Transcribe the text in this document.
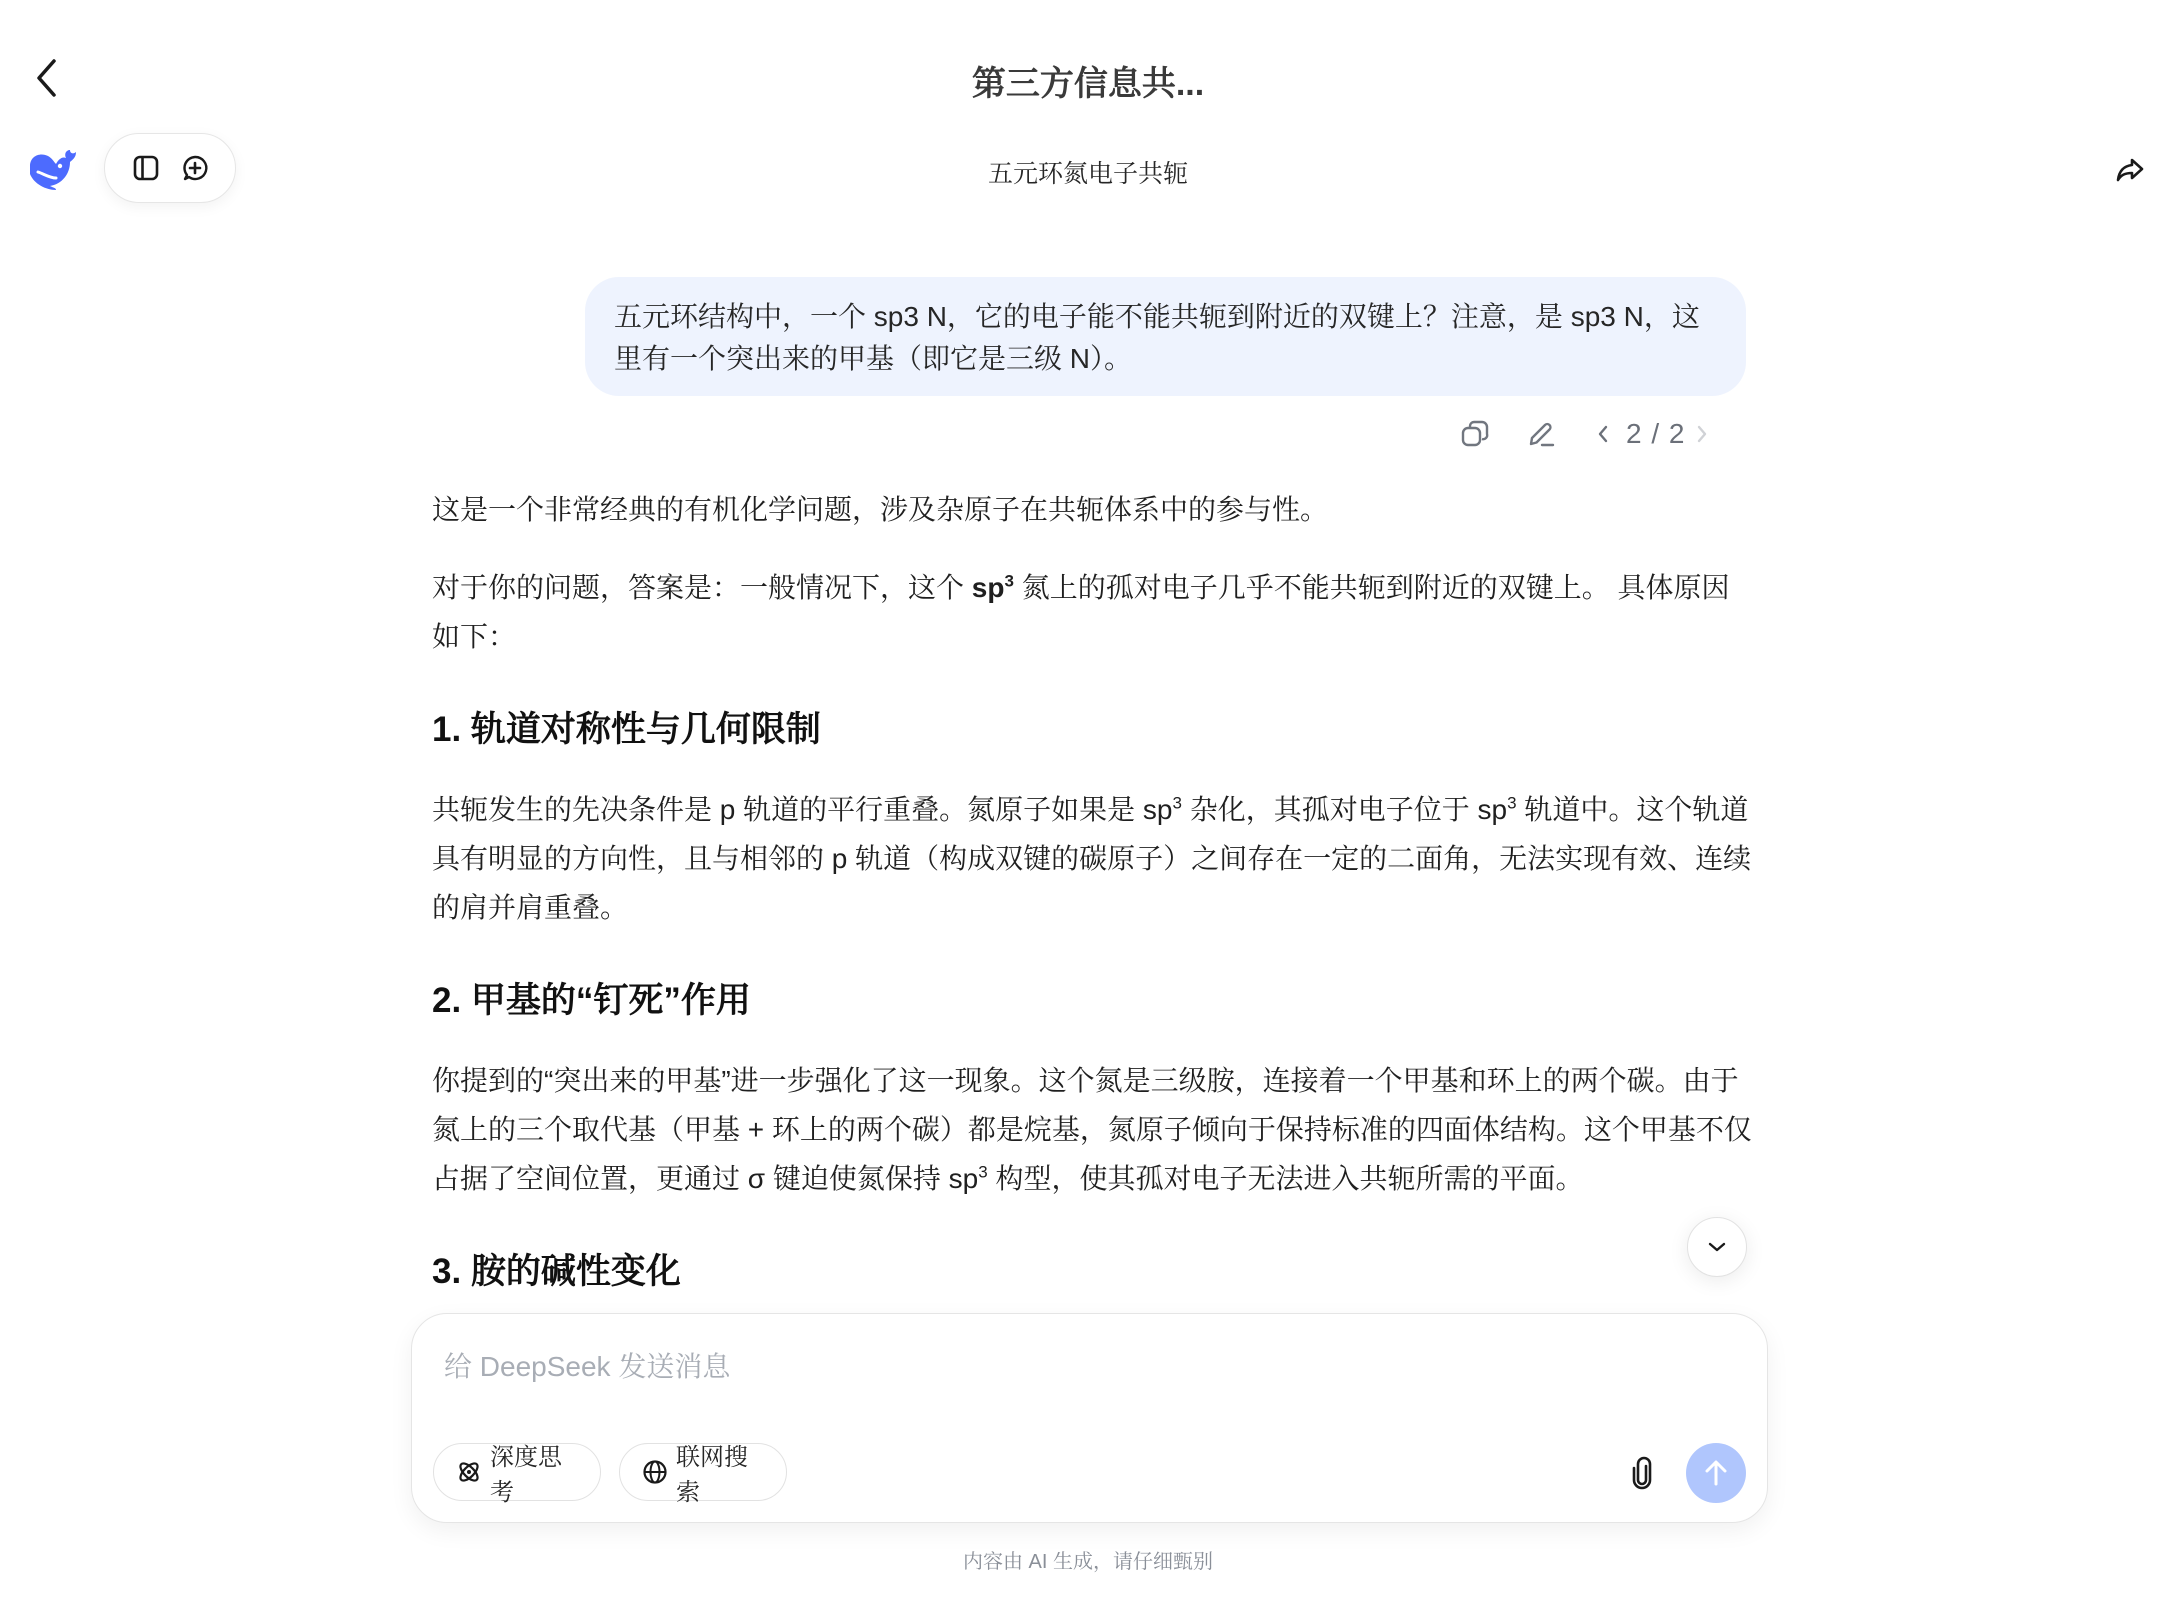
第三方信息共...
五元环氮电子共轭
五元环结构中，一个 sp3 N，它的电子能不能共轭到附近的双键上？注意，是 sp3 N，这里有一个突出来的甲基（即它是三级 N）。
2 / 2

这是一个非常经典的有机化学问题，涉及杂原子在共轭体系中的参与性。

对于你的问题，答案是：一般情况下，这个 $sp^3$ 氮上的孤对电子几乎不能共轭到附近的双键上。 具体原因如下：

1. 轨道对称性与几何限制

共轭发生的先决条件是 p 轨道的平行重叠。氮原子如果是 $sp^3$ 杂化，其孤对电子位于 $sp^3$ 轨道中。这个轨道具有明显的方向性，且与相邻的 p 轨道（构成双键的碳原子）之间存在一定的二面角，无法实现有效、连续的肩并肩重叠。

2. 甲基的“钉死”作用

你提到的“突出来的甲基”进一步强化了这一现象。这个氮是三级胺，连接着一个甲基和环上的两个碳。由于氮上的三个取代基（甲基 + 环上的两个碳）都是烷基，氮原子倾向于保持标准的四面体结构。这个甲基不仅占据了空间位置，更通过 σ 键迫使氮保持 $sp^3$ 构型，使其孤对电子无法进入共轭所需的平面。

3. 胺的碱性变化
给 DeepSeek 发送消息
深度思考
联网搜索
内容由 AI 生成，请仔细甄别
